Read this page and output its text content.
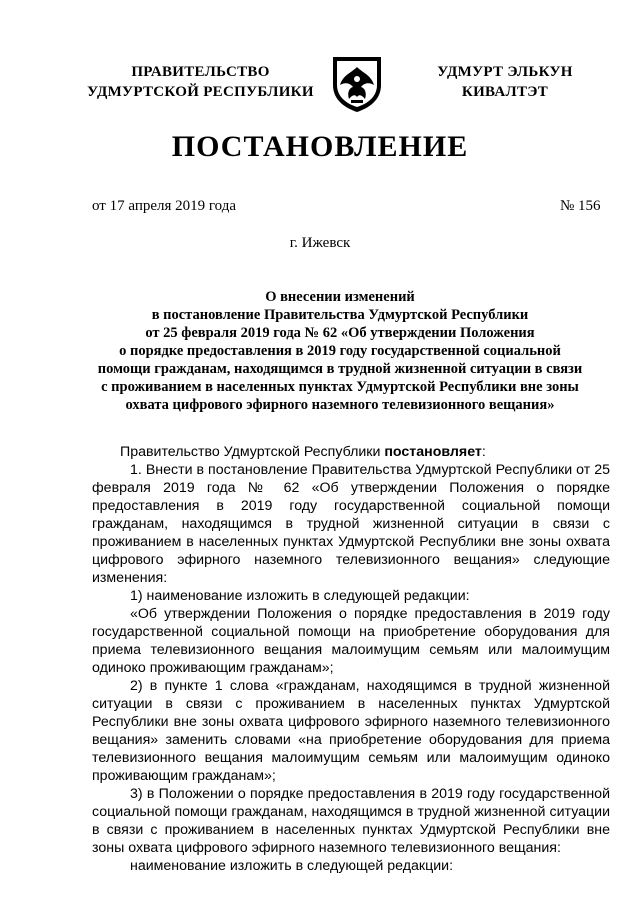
ПРАВИТЕЛЬСТВО
УДМУРТСКОЙ РЕСПУБЛИКИ
УДМУРТ ЭЛЬКУН
КИВАЛТЭТ
ПОСТАНОВЛЕНИЕ
от 17 апреля 2019 года	№ 156
г. Ижевск
О внесении изменений
в постановление Правительства Удмуртской Республики
от 25 февраля 2019 года № 62 «Об утверждении Положения
о порядке предоставления в 2019 году государственной социальной
помощи гражданам, находящимся в трудной жизненной ситуации в связи
с проживанием в населенных пунктах Удмуртской Республики вне зоны
охвата цифрового эфирного наземного телевизионного вещания»

Правительство Удмуртской Республики постановляет:

1. Внести в постановление Правительства Удмуртской Республики от 25 февраля 2019 года № 62 «Об утверждении Положения о порядке предоставления в 2019 году государственной социальной помощи гражданам, находящимся в трудной жизненной ситуации в связи с проживанием в населенных пунктах Удмуртской Республики вне зоны охвата цифрового эфирного наземного телевизионного вещания» следующие изменения:

1) наименование изложить в следующей редакции:

«Об утверждении Положения о порядке предоставления в 2019 году государственной социальной помощи на приобретение оборудования для приема телевизионного вещания малоимущим семьям или малоимущим одиноко проживающим гражданам»;

2) в пункте 1 слова «гражданам, находящимся в трудной жизненной ситуации в связи с проживанием в населенных пунктах Удмуртской Республики вне зоны охвата цифрового эфирного наземного телевизионного вещания» заменить словами «на приобретение оборудования для приема телевизионного вещания малоимущим семьям или малоимущим одиноко проживающим гражданам»;

3) в Положении о порядке предоставления в 2019 году государственной социальной помощи гражданам, находящимся в трудной жизненной ситуации в связи с проживанием в населенных пунктах Удмуртской Республики вне зоны охвата цифрового эфирного наземного телевизионного вещания:

наименование изложить в следующей редакции:
